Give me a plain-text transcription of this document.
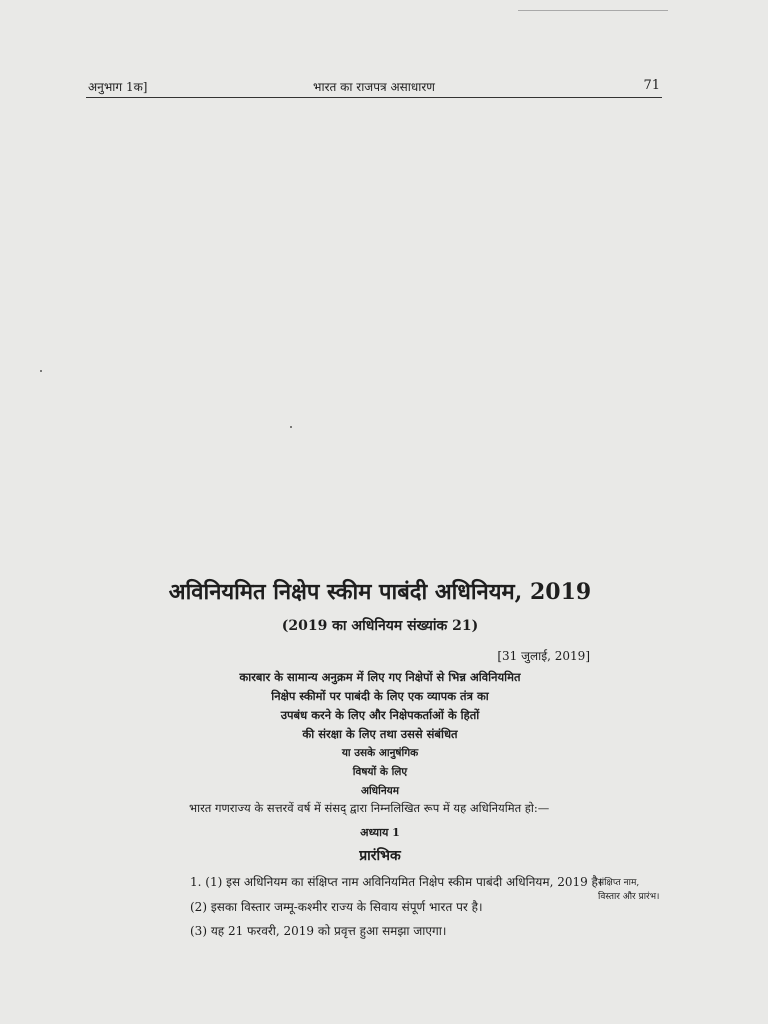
अनुभाग 1क]	भारत का राजपत्र असाधारण	71
अविनियमित निक्षेप स्कीम पाबंदी अधिनियम, 2019
(2019 का अधिनियम संख्यांक 21)
[31 जुलाई, 2019]
कारबार के सामान्य अनुक्रम में लिए गए निक्षेपों से भिन्न अविनियमित
निक्षेप स्कीमों पर पाबंदी के लिए एक व्यापक तंत्र का
उपबंध करने के लिए और निक्षेपकर्ताओं के हितों
की संरक्षा के लिए तथा उससे संबंधित
या उसके आनुषंगिक
विषयों के लिए
अधिनियम
भारत गणराज्य के सत्तरवें वर्ष में संसद् द्वारा निम्नलिखित रूप में यह अधिनियमित हो:—
अध्याय 1
प्रारंभिक
1. (1) इस अधिनियम का संक्षिप्त नाम अविनियमित निक्षेप स्कीम पाबंदी अधिनियम, 2019 है।
(2) इसका विस्तार जम्मू-कश्मीर राज्य के सिवाय संपूर्ण भारत पर है।
(3) यह 21 फरवरी, 2019 को प्रवृत्त हुआ समझा जाएगा।
संक्षिप्त नाम,
विस्तार और प्रारंभ।
